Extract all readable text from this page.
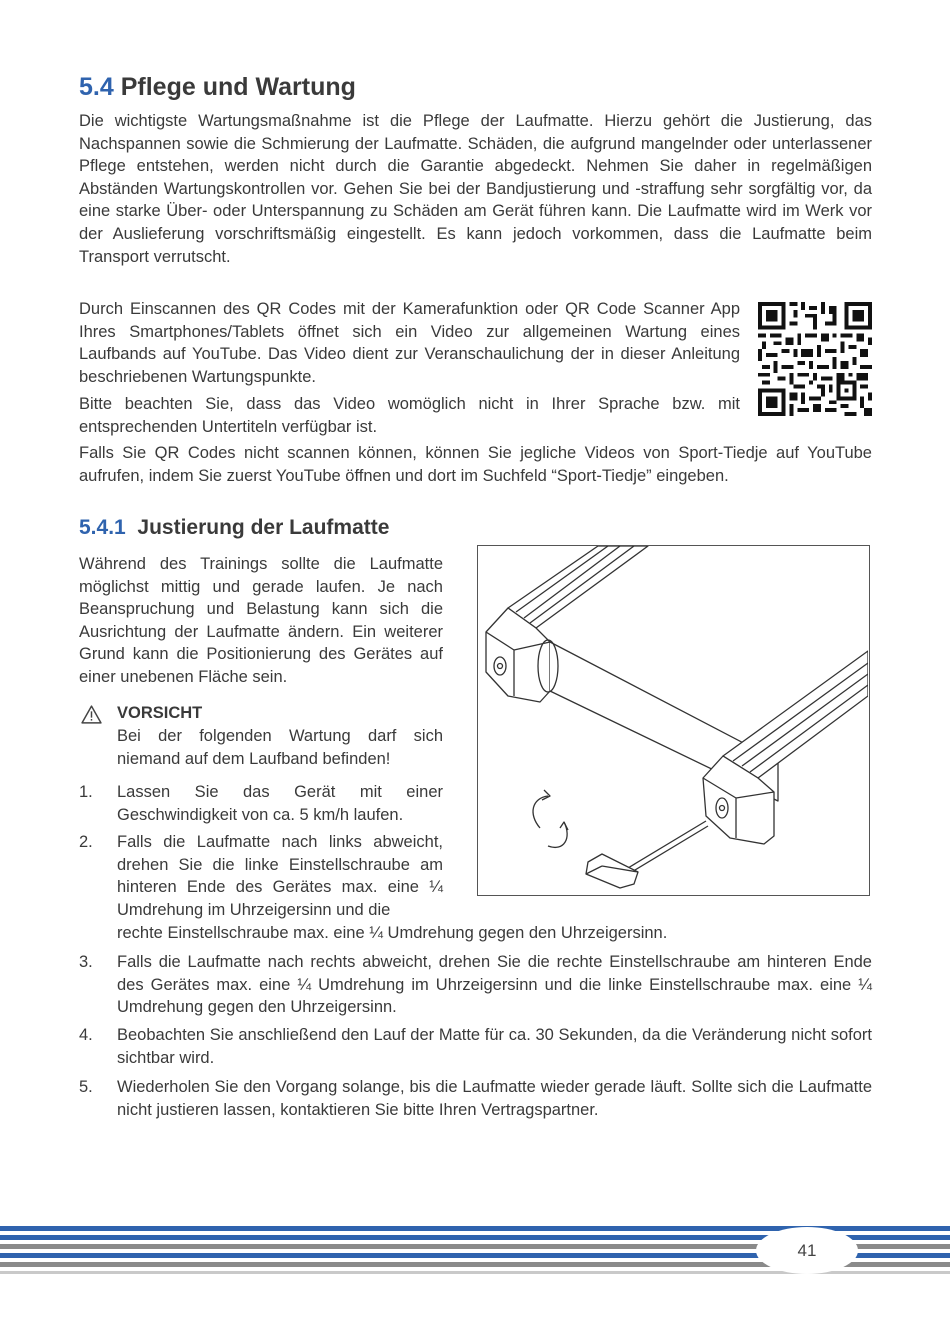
5.4 Pflege und Wartung

Die wichtigste Wartungsmaßnahme ist die Pflege der Laufmatte. Hierzu gehört die Justierung, das Nachspannen sowie die Schmierung der Laufmatte. Schäden, die aufgrund mangelnder oder unterlassener Pflege entstehen, werden nicht durch die Garantie abgedeckt. Nehmen Sie daher in regelmäßigen Abständen Wartungskontrollen vor. Gehen Sie bei der Bandjustierung und -straffung sehr sorgfältig vor, da eine starke Über- oder Unterspannung zu Schäden am Gerät führen kann. Die Laufmatte wird im Werk vor der Auslieferung vorschriftsmäßig eingestellt. Es kann jedoch vorkommen, dass die Laufmatte beim Transport verrutscht.

Durch Einscannen des QR Codes mit der Kamerafunktion oder QR Code Scanner App Ihres Smartphones/Tablets öffnet sich ein Video zur allgemeinen Wartung eines Laufbands auf YouTube. Das Video dient zur Veranschaulichung der in dieser Anleitung beschriebenen Wartungspunkte.

Bitte beachten Sie, dass das Video womöglich nicht in Ihrer Sprache bzw. mit entsprechenden Untertiteln verfügbar ist.

Falls Sie QR Codes nicht scannen können, können Sie jegliche Videos von Sport-Tiedje auf YouTube aufrufen, indem Sie zuerst YouTube öffnen und dort im Suchfeld “Sport-Tiedje” eingeben.

5.4.1 Justierung der Laufmatte

Während des Trainings sollte die Laufmatte möglichst mittig und gerade laufen. Je nach Beanspruchung und Belastung kann sich die Ausrichtung der Laufmatte ändern. Ein weiterer Grund kann die Positionierung des Gerätes auf einer unebenen Fläche sein.

VORSICHT

Bei der folgenden Wartung darf sich niemand auf dem Laufband befinden!

1. Lassen Sie das Gerät mit einer Geschwindigkeit von ca. 5 km/h laufen.
2. Falls die Laufmatte nach links abweicht, drehen Sie die linke Einstellschraube am hinteren Ende des Gerätes max. eine ¼ Umdrehung im Uhrzeigersinn und die
rechte Einstellschraube max. eine ¼ Umdrehung gegen den Uhrzeigersinn.
3. Falls die Laufmatte nach rechts abweicht, drehen Sie die rechte Einstellschraube am hinteren Ende des Gerätes max. eine ¼ Umdrehung im Uhrzeigersinn und die linke Einstellschraube max. eine ¼ Umdrehung gegen den Uhrzeigersinn.
4. Beobachten Sie anschließend den Lauf der Matte für ca. 30 Sekunden, da die Veränderung nicht sofort sichtbar wird.
5. Wiederholen Sie den Vorgang solange, bis die Laufmatte wieder gerade läuft. Sollte sich die Laufmatte nicht justieren lassen, kontaktieren Sie bitte Ihren Vertragspartner.
41
